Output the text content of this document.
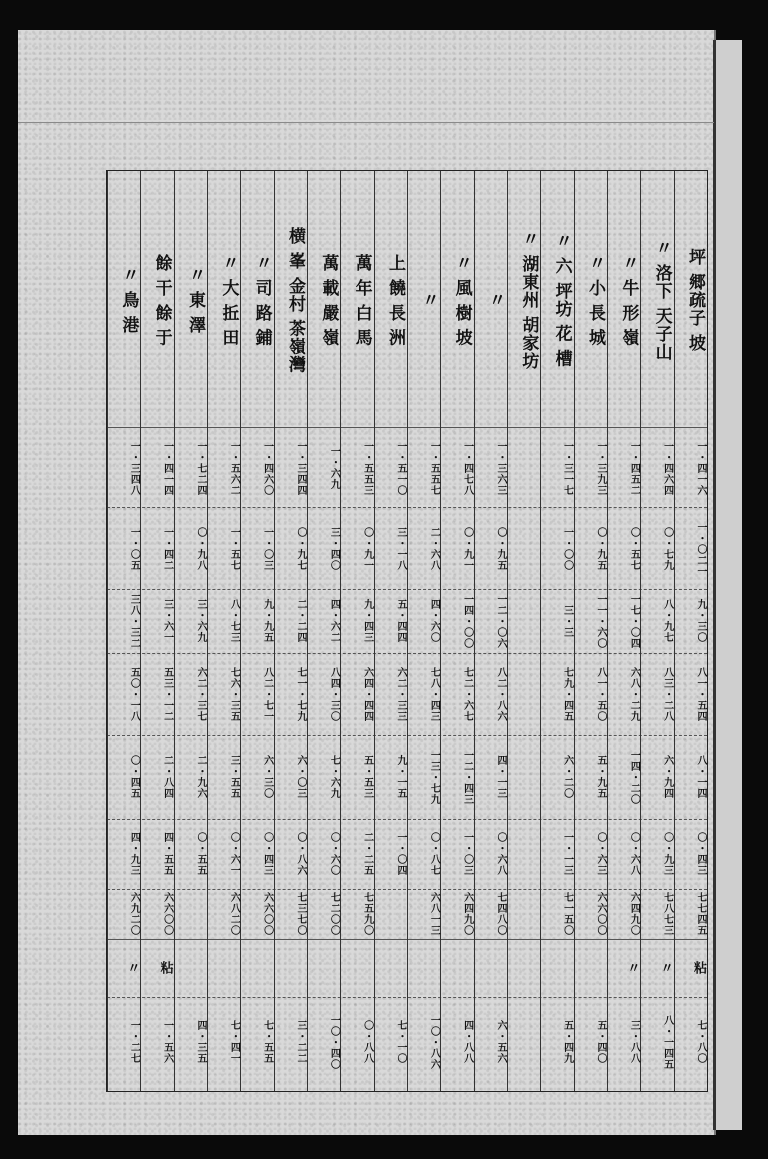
坪 郷疏子 坡
一・四一六
一・〇二一
九・三〇
八一・五四
八・一四
〇・四三
七七四五
七・八〇
粘
〃 洛下 天子山
一・四六四
〇・七九
八・九七
八三・二八
六・九四
〇・九三
七八七三
八・一四五
〃
〃 牛 形 嶺
一・四五二
〇・五七
一七・〇四
六八・二九
一四・二〇
〇・六八
六四九〇
三・八八
〃
〃 小 長 城
一・三九三
〇・九五
一一・六〇
八一・五〇
五・九五
〇・六三
六六〇〇
五・四〇
〃 六 坪坊 花 槽
一・三一七
一・〇〇
三・三
七九・四五
六・二〇
一・一三
七一五〇
五・四九
〃 湖東州 胡家坊
〃
一・三六三
〇・九五
一二・〇六
八二・八六
四・一三
〇・六八
七四八〇
六・五六
〃 風 樹 坡
一・四七八
〇・九一
一四・〇〇
七二・六七
一二・四三
一・〇三
六四九〇
四・八八
〃
一・五五七
二・六八
四・六〇
七八・四三
一三・七九
〇・八七
六八一三
一〇・八六
上 饒 長 洲
一・五一〇
三・一八
五・四四
六二・三三
九・一五
一・〇四
七・一〇
萬 年 白 馬
一・五五三
〇・九一
九・四三
六四・四四
五・五三
二・二五
七五九〇
〇・八八
萬 載 嚴 嶺
一・六九
三・四〇
四・六二
八四・三〇
七・六九
〇・六〇
七二〇〇
一〇・四〇
横 峯 金村 茶嶺灣
一・三四四
〇・九七
二・二四
七一・七九
六・〇三
〇・八六
七三七〇
三・二二
〃 司 路 鋪
一・四六〇
一・〇三
九・九五
八二・七一
六・三〇
〇・四三
六六〇〇
七・五五
〃 大 拞 田
一・五六二
一・五七
八・七三
七六・三五
三・五五
〇・六一
六八二〇
七・四一
〃 東 澤
一・七二四
〇・九八
三・六九
六二・三七
二・九六
〇・五五
四・三五
餘 干 餘 于
一・四一四
一・四二
三・六一
五三・一二
二・八四
四・五五
六六〇〇
一・五六
粘
〃 鳥 港
一・三四八
一・〇五
三八・三二
五〇・一八
〇・四五
四・九三
六九二〇
一・二七
〃
